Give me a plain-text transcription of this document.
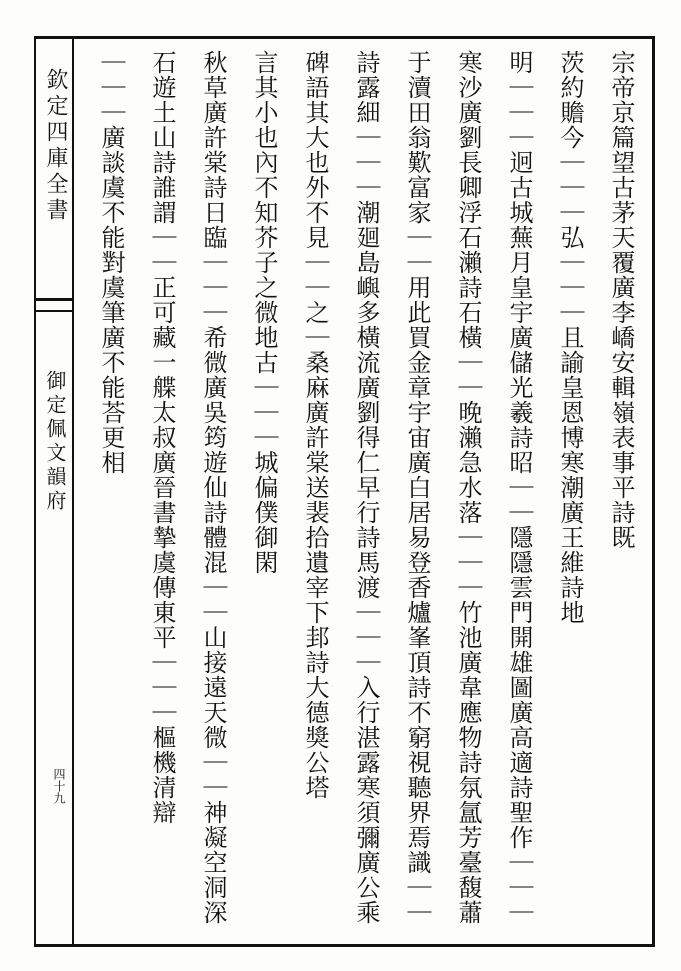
欽定四庫全書
御定佩文韻府
四十九
宗帝京篇望古茅天覆廣李嶠安輯嶺表事平詩既
茨約贍今｜｜｜弘｜｜｜且諭皇恩博寒潮廣王維詩地
明｜｜｜迥古城蕪月皇宇廣儲光羲詩昭｜｜隱隱雲門開雄圖廣高適詩聖作｜｜｜
寒沙廣劉長卿浮石瀨詩石橫｜｜晚瀨急水落｜｜｜竹池廣韋應物詩氛氲芳臺馥蕭
于瀆田翁歎富家｜｜用此買金章宇宙廣白居易登香爐峯頂詩不窮視聽界焉識｜｜
詩露細｜｜｜潮廻島嶼多橫流廣劉得仁早行詩馬渡｜｜｜入行湛露寒須彌廣公乘
碑語其大也外不見｜｜之｜桑麻廣許棠送裴拾遺宰下邽詩大德獎公塔
言其小也內不知芥子之微地古｜｜｜城偏僕御閑
秋草廣許棠詩日臨｜｜｜希微廣吳筠遊仙詩體混｜｜山接遠天微｜｜神凝空洞深
石遊土山詩誰謂｜｜正可藏一艓太叔廣晉書摯虞傳東平｜｜｜樞機清辯
｜｜｜廣談虞不能對虞筆廣不能荅更相
